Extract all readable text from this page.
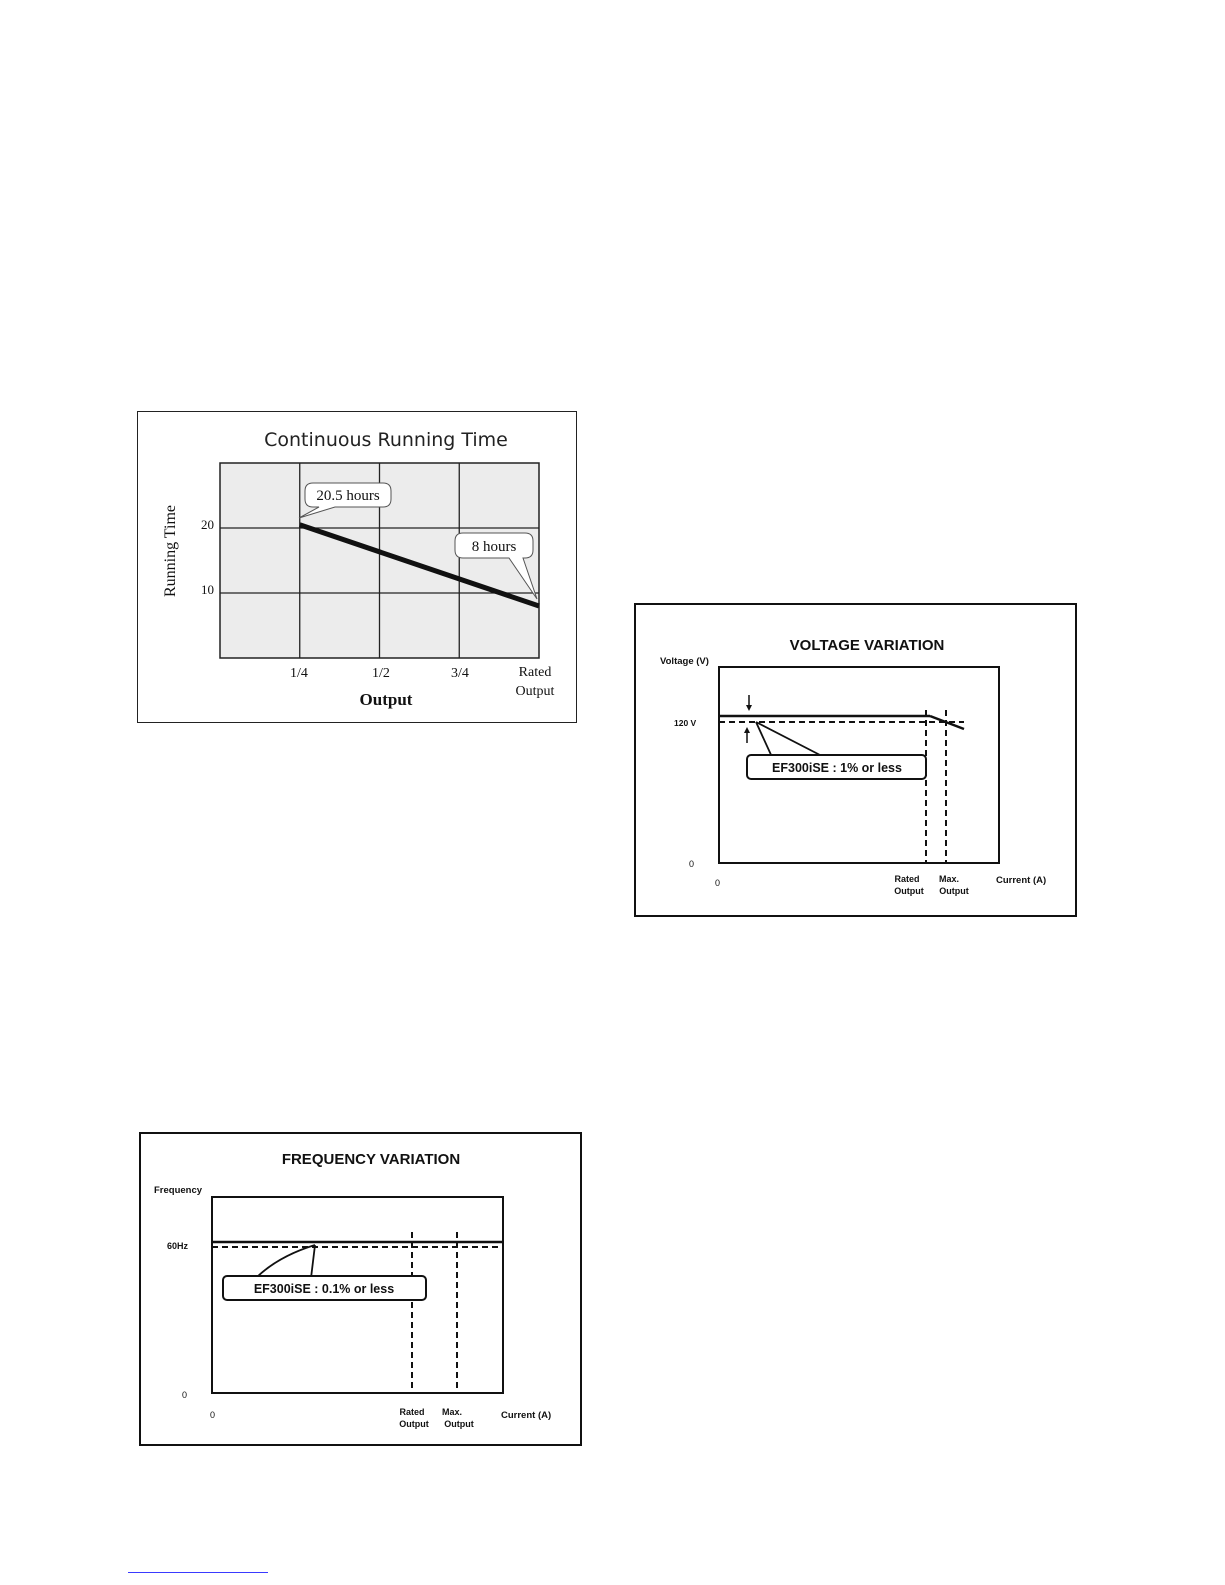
Continuous Running Time
Running Time 20
10
1/4	1/2	3/4	Rated
Output
Output
20.5 hours
8 hours
VOLTAGE VARIATION
Voltage (V)
120 V
0
0
EF300iSE : 1% or less
Rated
Output
Max.
Output
Current (A)
FREQUENCY VARIATION
Frequency
60Hz
0
0
EF300iSE : 0.1% or less
Rated
Output
Max.
Output
Current (A)
